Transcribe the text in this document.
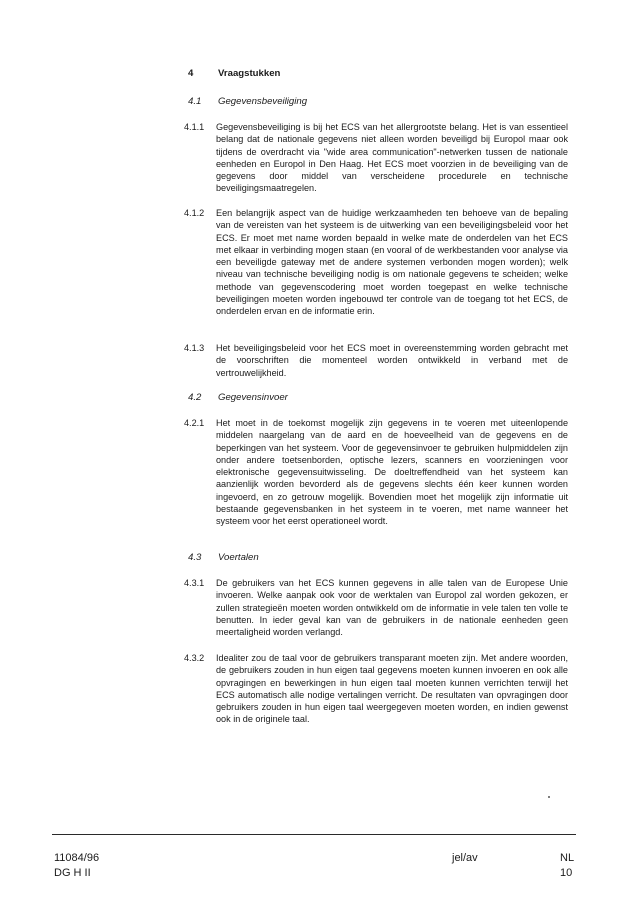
4	Vraagstukken
4.1 Gegevensbeveiliging
4.1.1 Gegevensbeveiliging is bij het ECS van het allergrootste belang. Het is van essentieel belang dat de nationale gegevens niet alleen worden beveiligd bij Europol maar ook tijdens de overdracht via "wide area communication"-netwerken tussen de nationale eenheden en Europol in Den Haag. Het ECS moet voorzien in de beveiliging van de gegevens door middel van verscheidene procedurele en technische beveiligingsmaatregelen.
4.1.2 Een belangrijk aspect van de huidige werkzaamheden ten behoeve van de bepaling van de vereisten van het systeem is de uitwerking van een beveiligingsbeleid voor het ECS. Er moet met name worden bepaald in welke mate de onderdelen van het ECS met elkaar in verbinding mogen staan (en vooral of de werkbestanden voor analyse via een beveiligde gateway met de andere systemen verbonden mogen worden); welk niveau van technische beveiliging nodig is om nationale gegevens te scheiden; welke methode van gegevenscodering moet worden toegepast en welke technische beveiligingen moeten worden ingebouwd ter controle van de toegang tot het ECS, de onderdelen ervan en de informatie erin.
4.1.3 Het beveiligingsbeleid voor het ECS moet in overeenstemming worden gebracht met de voorschriften die momenteel worden ontwikkeld in verband met de vertrouwelijkheid.
4.2 Gegevensinvoer
4.2.1 Het moet in de toekomst mogelijk zijn gegevens in te voeren met uiteenlopende middelen naargelang van de aard en de hoeveelheid van de gegevens en de beperkingen van het systeem. Voor de gegevensinvoer te gebruiken hulpmiddelen zijn onder andere toetsenborden, optische lezers, scanners en voorzieningen voor elektronische gegevensuitwisseling. De doeltreffendheid van het systeem kan aanzienlijk worden bevorderd als de gegevens slechts één keer kunnen worden ingevoerd, en zo getrouw mogelijk. Bovendien moet het mogelijk zijn informatie uit bestaande gegevensbanken in het systeem in te voeren, met name wanneer het systeem voor het eerst operationeel wordt.
4.3 Voertalen
4.3.1 De gebruikers van het ECS kunnen gegevens in alle talen van de Europese Unie invoeren. Welke aanpak ook voor de werktalen van Europol zal worden gekozen, er zullen strategieën moeten worden ontwikkeld om de informatie in vele talen ten volle te benutten. In ieder geval kan van de gebruikers in de nationale eenheden geen meertaligheid worden verlangd.
4.3.2 Idealiter zou de taal voor de gebruikers transparant moeten zijn. Met andere woorden, de gebruikers zouden in hun eigen taal gegevens moeten kunnen invoeren en ook alle opvragingen en bewerkingen in hun eigen taal moeten kunnen verrichten terwijl het ECS automatisch alle nodige vertalingen verricht. De resultaten van opvragingen door gebruikers zouden in hun eigen taal weergegeven moeten worden, en indien gewenst ook in de originele taal.
11084/96
DG H II
jel/av	NL
10
